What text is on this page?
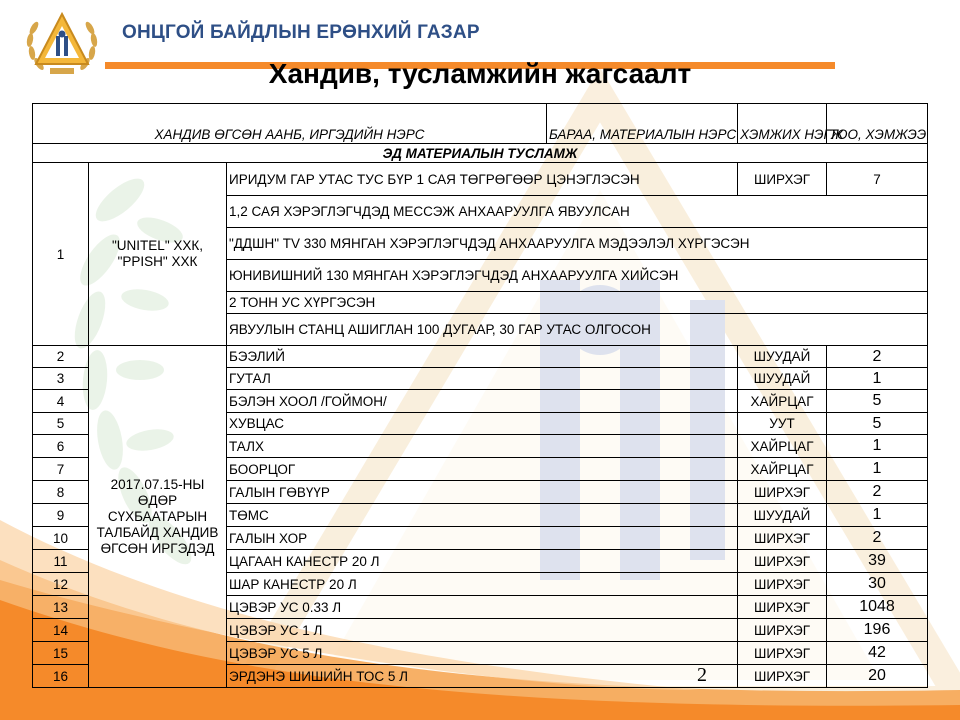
ОНЦГОЙ БАЙДЛЫН ЕРӨНХИЙ ГАЗАР
Хандив, тусламжийн жагсаалт
ХАНДИВ ӨГСӨН ААНБ, ИРГЭДИЙН НЭРС			БАРАА, МАТЕРИАЛЫН НЭРС	ХЭМЖИХ НЭГЖ	ТОО, ХЭМЖЭЭ
ЭД МАТЕРИАЛЫН ТУСЛАМЖ					
1	"UNITEL" ХХК, "PPISH" ХХК	ИРИДУМ ГАР УТАС ТУС БҮР 1 САЯ ТӨГРӨГӨӨР ЦЭНЭГЛЭСЭН		ШИРХЭГ	7
		1,2 САЯ ХЭРЭГЛЭГЧДЭД МЕССЭЖ АНХААРУУЛГА ЯВУУЛСАН			
		"ДДШН" TV 330 МЯНГАН ХЭРЭГЛЭГЧДЭД АНХААРУУЛГА МЭДЭЭЛЭЛ ХҮРГЭСЭН			
		ЮНИВИШНИЙ 130 МЯНГАН ХЭРЭГЛЭГЧДЭД АНХААРУУЛГА ХИЙСЭН			
		2 ТОНН УС ХҮРГЭСЭН			
		ЯВУУЛЫН СТАНЦ АШИГЛАН 100 ДУГААР, 30 ГАР УТАС ОЛГОСОН			
2	2017.07.15-НЫ ӨДӨР СҮХБААТАРЫН ТАЛБАЙД ХАНДИВ ӨГСӨН ИРГЭДЭД	БЭЭЛИЙ		ШУУДАЙ	2
3		ГУТАЛ		ШУУДАЙ	1
4		БЭЛЭН ХООЛ /ГОЙМОН/		ХАЙРЦАГ	5
5		ХУВЦАС		УУТ	5
6		ТАЛХ		ХАЙРЦАГ	1
7		БООРЦОГ		ХАЙРЦАГ	1
8		ГАЛЫН ГӨВҮҮР		ШИРХЭГ	2
9		ТӨМС		ШУУДАЙ	1
10		ГАЛЫН ХОР		ШИРХЭГ	2
11		ЦАГААН КАНЕСТР 20 Л		ШИРХЭГ	39
12		ШАР КАНЕСТР 20 Л		ШИРХЭГ	30
13		ЦЭВЭР УС 0.33 Л		ШИРХЭГ	1048
14		ЦЭВЭР УС 1 Л		ШИРХЭГ	196
15		ЦЭВЭР УС 5 Л		ШИРХЭГ	42
16		ЭРДЭНЭ ШИШИЙН ТОС 5 Л		ШИРХЭГ	20
2
